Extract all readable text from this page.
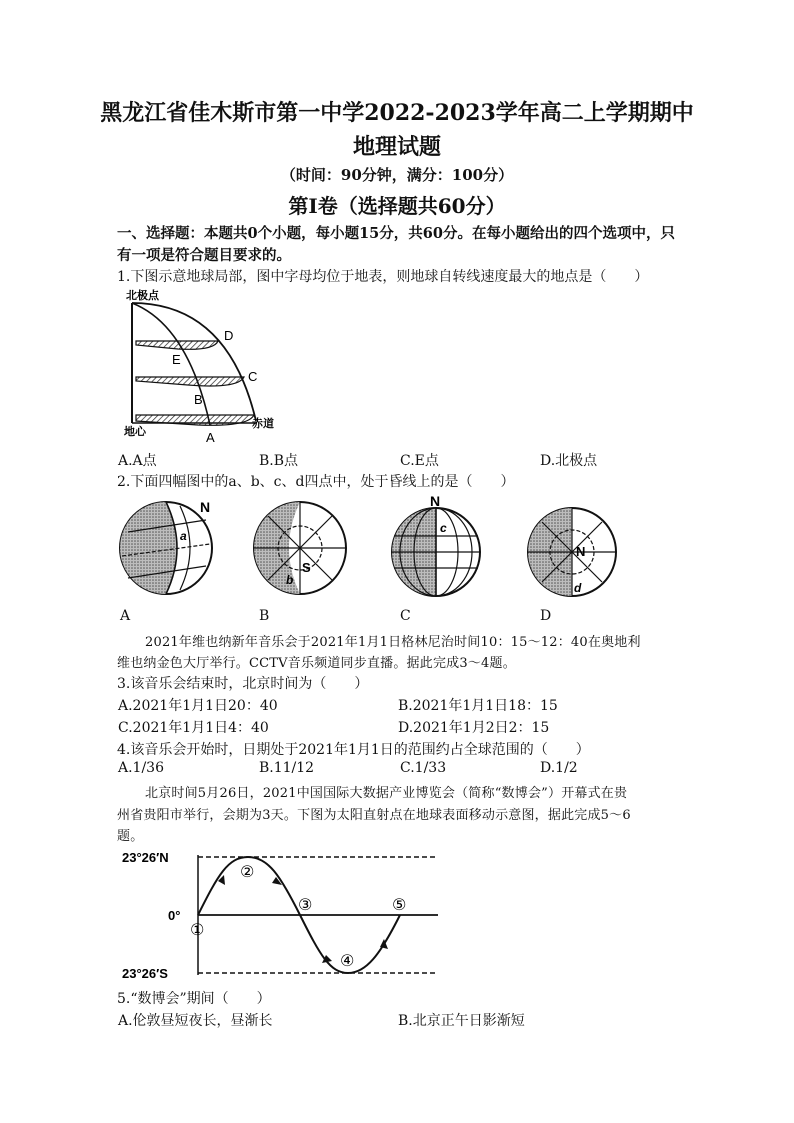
黑龙江省佳木斯市第一中学2022-2023学年高二上学期期中
地理试题
（时间：90分钟，满分：100分）
第Ⅰ卷（选择题共60分）
一、选择题：本题共0个小题，每小题15分，共60分。在每小题给出的四个选项中，只
有一项是符合题目要求的。
1.下图示意地球局部，图中字母均位于地表，则地球自转线速度最大的地点是（　　）
北极点
地心
赤道
D
E
C
B
A
A.A点	B.B点	C.E点	D.北极点
2.下面四幅图中的a、b、c、d四点中，处于昏线上的是（　　）
N
a
S
b
N
c
N
d
A	B	C	D
2021年维也纳新年音乐会于2021年1月1日格林尼治时间10：15～12：40在奥地利
维也纳金色大厅举行。CCTV音乐频道同步直播。据此完成3～4题。
3.该音乐会结束时，北京时间为（　　）
A.2021年1月1日20：40	B.2021年1月1日18：15
C.2021年1月1日4：40	D.2021年1月2日2：15
4.该音乐会开始时，日期处于2021年1月1日的范围约占全球范围的（　　）
A.1/36	B.11/12	C.1/33	D.1/2
北京时间5月26日，2021中国国际大数据产业博览会（简称“数博会”）开幕式在贵
州省贵阳市举行，会期为3天。下图为太阳直射点在地球表面移动示意图，据此完成5～6
题。
23°26′N
0°
23°26′S
①
②
③
④
⑤
5.“数博会”期间（　　）
A.伦敦昼短夜长，昼渐长	B.北京正午日影渐短
